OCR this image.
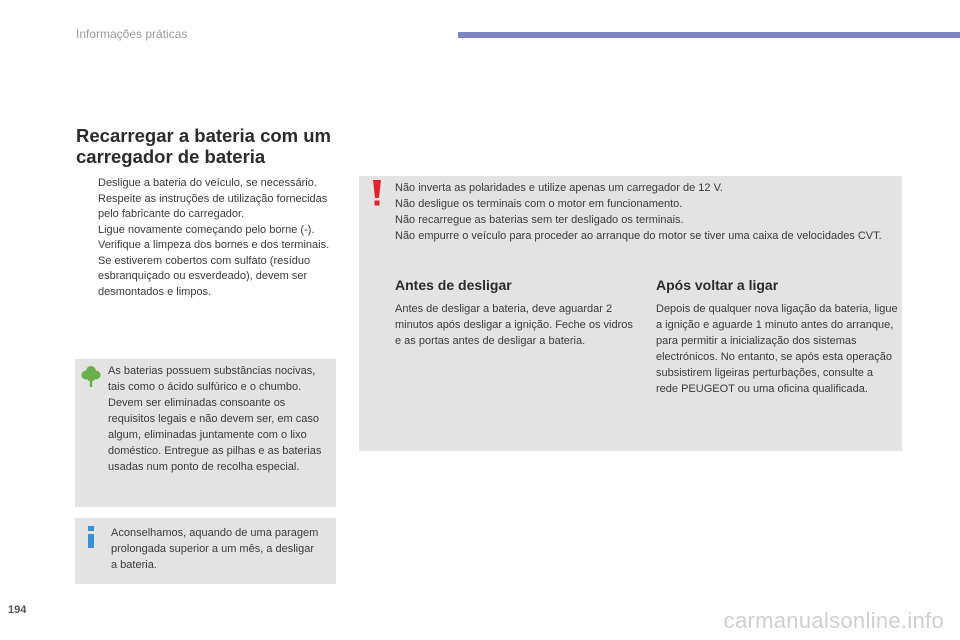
Informações práticas
Recarregar a bateria com um carregador de bateria
Desligue a bateria do veículo, se necessário.
Respeite as instruções de utilização fornecidas pelo fabricante do carregador.
Ligue novamente começando pelo borne (-).
Verifique a limpeza dos bornes e dos terminais. Se estiverem cobertos com sulfato (resíduo esbranquiçado ou esverdeado), devem ser desmontados e limpos.
As baterias possuem substâncias nocivas, tais como o ácido sulfúrico e o chumbo. Devem ser eliminadas consoante os requisitos legais e não devem ser, em caso algum, eliminadas juntamente com o lixo doméstico. Entregue as pilhas e as baterias usadas num ponto de recolha especial.
Aconselhamos, aquando de uma paragem prolongada superior a um mês, a desligar a bateria.
Não inverta as polaridades e utilize apenas um carregador de 12 V.
Não desligue os terminais com o motor em funcionamento.
Não recarregue as baterias sem ter desligado os terminais.
Não empurre o veículo para proceder ao arranque do motor se tiver uma caixa de velocidades CVT.
Antes de desligar
Antes de desligar a bateria, deve aguardar 2 minutos após desligar a ignição. Feche os vidros e as portas antes de desligar a bateria.
Após voltar a ligar
Depois de qualquer nova ligação da bateria, ligue a ignição e aguarde 1 minuto antes do arranque, para permitir a inicialização dos sistemas electrónicos. No entanto, se após esta operação subsistirem ligeiras perturbações, consulte a rede PEUGEOT ou uma oficina qualificada.
194	carmanualsonline.info
